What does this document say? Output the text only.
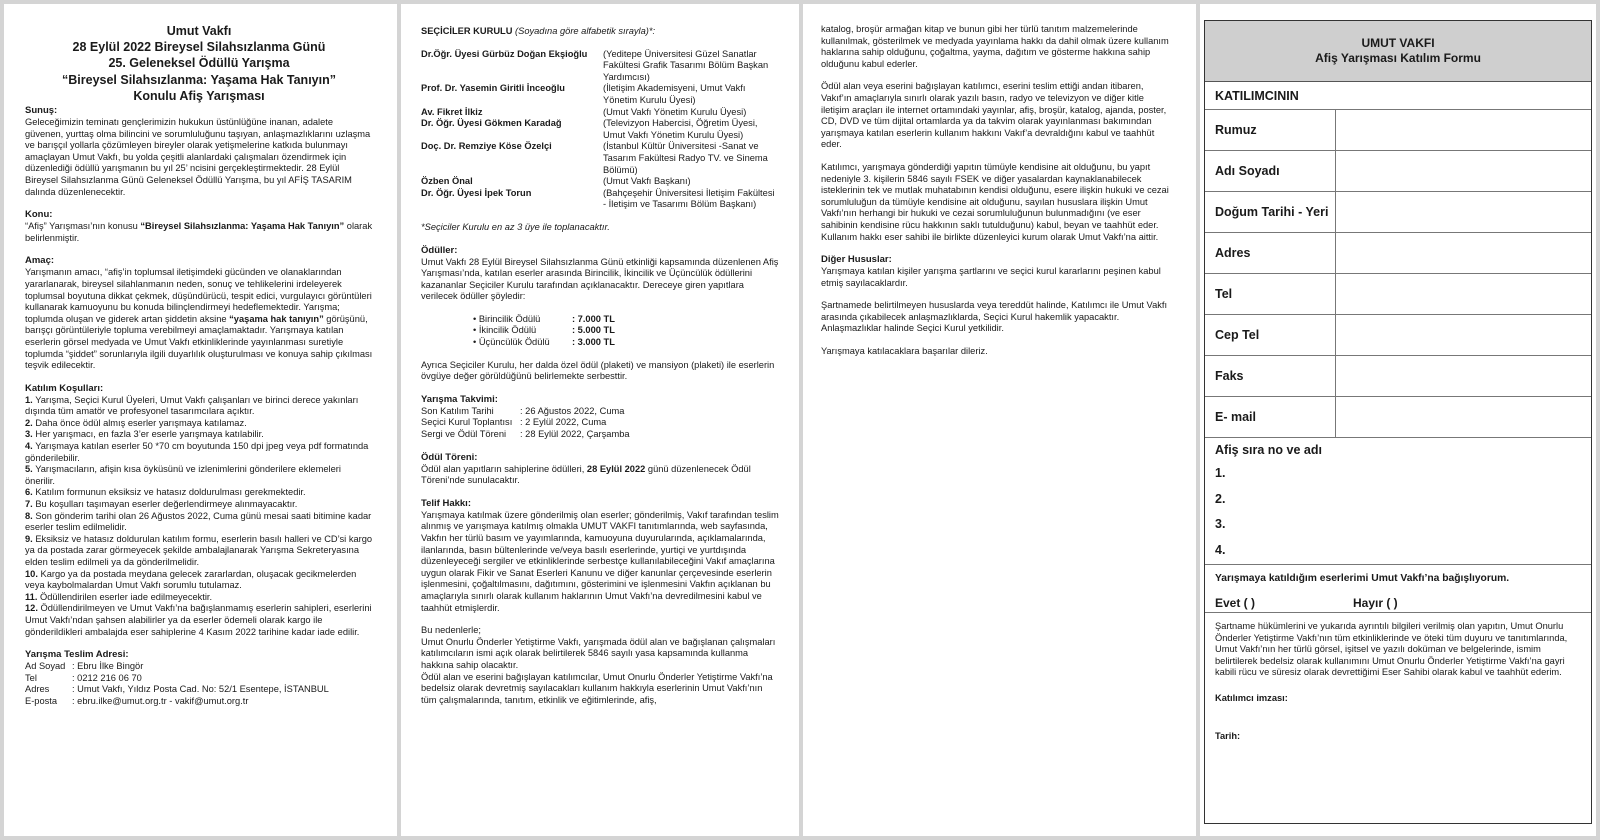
Umut Vakfı

28 Eylül 2022 Bireysel Silahsızlanma Günü

25. Geleneksel Ödüllü Yarışma

“Bireysel Silahsızlanma: Yaşama Hak Tanıyın”

Konulu Afiş Yarışması

Sunuş:

Geleceğimizin teminatı gençlerimizin hukukun üstünlüğüne inanan, adalete güvenen, yurttaş olma bilincini ve sorumluluğunu taşıyan, anlaşmazlıklarını uzlaşma ve barışçıl yollarla çözümleyen bireyler olarak yetişmelerine katkıda bulunmayı amaçlayan Umut Vakfı, bu yolda çeşitli alanlardaki çalışmaları özendirmek için düzenlediği ödüllü yarışmanın bu yıl 25’ ncisini gerçekleştirmektedir. 28 Eylül Bireysel Silahsızlanma Günü Geleneksel Ödüllü Yarışma, bu yıl AFİŞ TASARIM dalında düzenlenecektir.

Konu:

“Afiş” Yarışması’nın konusu “Bireysel Silahsızlanma: Yaşama Hak Tanıyın” olarak belirlenmiştir.

Amaç:

Yarışmanın amacı, “afiş’in toplumsal iletişimdeki gücünden ve olanaklarından yararlanarak, bireysel silahlanmanın neden, sonuç ve tehlikelerini irdeleyerek toplumsal boyutuna dikkat çekmek, düşündürücü, tespit edici, vurgulayıcı görüntüleri kullanarak kamuoyunu bu konuda bilinçlendirmeyi hedeflemektedir. Yarışma; toplumda oluşan ve giderek artan şiddetin aksine “yaşama hak tanıyın” görüşünü, barışçı görüntüleriyle topluma verebilmeyi amaçlamaktadır. Yarışmaya katılan eserlerin görsel medyada ve Umut Vakfı etkinliklerinde yayınlanması suretiyle toplumda “şiddet” sorunlarıyla ilgili duyarlılık oluşturulması ve konuya sahip çıkılması teşvik edilecektir.

Katılım Koşulları:

1. Yarışma, Seçici Kurul Üyeleri, Umut Vakfı çalışanları ve birinci derece yakınları dışında tüm amatör ve profesyonel tasarımcılara açıktır.

2. Daha önce ödül almış eserler yarışmaya katılamaz.

3. Her yarışmacı, en fazla 3’er eserle yarışmaya katılabilir.

4. Yarışmaya katılan eserler 50 *70 cm boyutunda 150 dpi jpeg veya pdf formatında gönderilebilir.

5. Yarışmacıların, afişin kısa öyküsünü ve izlenimlerini gönderilere eklemeleri önerilir.

6. Katılım formunun eksiksiz ve hatasız doldurulması gerekmektedir.

7. Bu koşulları taşımayan eserler değerlendirmeye alınmayacaktır.

8. Son gönderim tarihi olan 26 Ağustos 2022, Cuma günü mesai saati bitimine kadar eserler teslim edilmelidir.

9. Eksiksiz ve hatasız doldurulan katılım formu, eserlerin basılı halleri ve CD’si kargo ya da postada zarar görmeyecek şekilde ambalajlanarak Yarışma Sekreteryasına elden teslim edilmeli ya da gönderilmelidir.

10. Kargo ya da postada meydana gelecek zararlardan, oluşacak gecikmelerden veya kaybolmalardan Umut Vakfı sorumlu tutulamaz.

11. Ödüllendirilen eserler iade edilmeyecektir.

12. Ödüllendirilmeyen ve Umut Vakfı’na bağışlanmamış eserlerin sahipleri, eserlerini Umut Vakfı’ndan şahsen alabilirler ya da eserler ödemeli olarak kargo ile gönderildikleri ambalajda eser sahiplerine 4 Kasım 2022 tarihine kadar iade edilir.

Yarışma Teslim Adresi:

Ad Soyad : Ebru İlke Bingör
Tel	: 0212 216 06 70
Adres	: Umut Vakfı, Yıldız Posta Cad. No: 52/1 Esentepe, İSTANBUL
E-posta	: ebru.ilke@umut.org.tr - vakif@umut.org.tr

SEÇİCİLER KURULU (Soyadına göre alfabetik sırayla)*:

Dr.Öğr. Üyesi Gürbüz Doğan Ekşioğlu	(Yeditepe Üniversitesi Güzel Sanatlar Fakültesi Grafik Tasarımı Bölüm Başkan Yardımcısı)
Prof. Dr. Yasemin Giritli İnceoğlu	(İletişim Akademisyeni, Umut Vakfı Yönetim Kurulu Üyesi)
Av. Fikret İlkiz	(Umut Vakfı Yönetim Kurulu Üyesi)
Dr. Öğr. Üyesi Gökmen Karadağ	(Televizyon Habercisi, Öğretim Üyesi, Umut Vakfı Yönetim Kurulu Üyesi)
Doç. Dr. Remziye Köse Özelçi	(İstanbul Kültür Üniversitesi -Sanat ve Tasarım Fakültesi Radyo TV. ve Sinema Bölümü)
Özben Önal	(Umut Vakfı Başkanı)
Dr. Öğr. Üyesi İpek Torun	(Bahçeşehir Üniversitesi İletişim Fakültesi - İletişim ve Tasarımı Bölüm Başkanı)

*Seçiciler Kurulu en az 3 üye ile toplanacaktır.

Ödüller:

Umut Vakfı 28 Eylül Bireysel Silahsızlanma Günü etkinliği kapsamında düzenlenen Afiş Yarışması’nda, katılan eserler arasında Birincilik, İkincilik ve Üçüncülük ödüllerini kazananlar Seçiciler Kurulu tarafından açıklanacaktır. Dereceye giren yapıtlara verilecek ödüller şöyledir:

• Birincilik Ödülü	: 7.000 TL
• İkincilik Ödülü	: 5.000 TL
• Üçüncülük Ödülü	: 3.000 TL

Ayrıca Seçiciler Kurulu, her dalda özel ödül (plaketi) ve mansiyon (plaketi) ile eserlerin övgüye değer görüldüğünü belirlemekte serbesttir.

Yarışma Takvimi:

Son Katılım Tarihi	: 26 Ağustos 2022, Cuma
Seçici Kurul Toplantısı : 2 Eylül 2022, Cuma
Sergi ve Ödül Töreni	: 28 Eylül 2022, Çarşamba

Ödül Töreni:

Ödül alan yapıtların sahiplerine ödülleri, 28 Eylül 2022 günü düzenlenecek Ödül Töreni’nde sunulacaktır.

Telif Hakkı:

Yarışmaya katılmak üzere gönderilmiş olan eserler; gönderilmiş, Vakıf tarafından teslim alınmış ve yarışmaya katılmış olmakla UMUT VAKFI tanıtımlarında, web sayfasında, Vakfın her türlü basım ve yayımlarında, kamuoyuna duyurularında, açıklamalarında, ilanlarında, basın bültenlerinde ve/veya basılı eserlerinde, yurtiçi ve yurtdışında düzenleyeceği sergiler ve etkinliklerinde serbestçe kullanılabileceğini Vakıf amaçlarına uygun olarak Fikir ve Sanat Eserleri Kanunu ve diğer kanunlar çerçevesinde eserlerin işlenmesini, çoğaltılmasını, dağıtımını, gösterimini ve işlenmesini Vakfın açıklanan bu amaçlarıyla sınırlı olarak kullanım haklarının Umut Vakfı’na devredilmesini kabul ve taahhüt etmişlerdir.

Bu nedenlerle;

Umut Onurlu Önderler Yetiştirme Vakfı, yarışmada ödül alan ve bağışlanan çalışmaları katılımcıların ismi açık olarak belirtilerek 5846 sayılı yasa kapsamında kullanma hakkına sahip olacaktır.

Ödül alan ve eserini bağışlayan katılımcılar, Umut Onurlu Önderler Yetiştirme Vakfı’na bedelsiz olarak devretmiş sayılacakları kullanım hakkıyla eserlerinin Umut Vakfı’nın tüm çalışmalarında, tanıtım, etkinlik ve eğitimlerinde, afiş,

katalog, broşür armağan kitap ve bunun gibi her türlü tanıtım malzemelerinde kullanılmak, gösterilmek ve medyada yayınlama hakkı da dahil olmak üzere kullanım haklarına sahip olduğunu, çoğaltma, yayma, dağıtım ve gösterme hakkına sahip olduğunu kabul ederler.

Ödül alan veya eserini bağışlayan katılımcı, eserini teslim ettiği andan itibaren, Vakıf’ın amaçlarıyla sınırlı olarak yazılı basın, radyo ve televizyon ve diğer kitle iletişim araçları ile internet ortamındaki yayınlar, afiş, broşür, katalog, ajanda, poster, CD, DVD ve tüm dijital ortamlarda ya da takvim olarak yayınlanması bakımından yarışmaya katılan eserlerin kullanım hakkını Vakıf’a devraldığını kabul ve taahhüt eder.

Katılımcı, yarışmaya gönderdiği yapıtın tümüyle kendisine ait olduğunu, bu yapıt nedeniyle 3. kişilerin 5846 sayılı FSEK ve diğer yasalardan kaynaklanabilecek isteklerinin tek ve mutlak muhatabının kendisi olduğunu, esere ilişkin hukuki ve cezai sorumluluğun da tümüyle kendisine ait olduğunu, sayılan hususlara ilişkin Umut Vakfı’nın herhangi bir hukuki ve cezai sorumluluğunun bulunmadığını (ve eser sahibinin kendisine rücu hakkının saklı tutulduğunu) kabul, beyan ve taahhüt eder.

Kullanım hakkı eser sahibi ile birlikte düzenleyici kurum olarak Umut Vakfı’na aittir.

Diğer Hususlar:

Yarışmaya katılan kişiler yarışma şartlarını ve seçici kurul kararlarını peşinen kabul etmiş sayılacaklardır.

Şartnamede belirtilmeyen hususlarda veya tereddüt halinde, Katılımcı ile Umut Vakfı arasında çıkabilecek anlaşmazlıklarda, Seçici Kurul hakemlik yapacaktır. Anlaşmazlıklar halinde Seçici Kurul yetkilidir.

Yarışmaya katılacaklara başarılar dileriz.

UMUT VAKFI
Afiş Yarışması Katılım Formu
KATILIMCININ
Rumuz
Adı Soyadı
Doğum Tarihi - Yeri
Adres
Tel
Cep Tel
Faks
E- mail
Afiş sıra no ve adı
1.
2.
3.
4.
Yarışmaya katıldığım eserlerimi Umut Vakfı’na bağışlıyorum.
Evet ( )	Hayır ( )
Şartname hükümlerini ve yukarıda ayrıntılı bilgileri verilmiş olan yapıtın, Umut Onurlu Önderler Yetiştirme Vakfı’nın tüm etkinliklerinde ve öteki tüm duyuru ve tanıtımlarında, Umut Vakfı’nın her türlü görsel, işitsel ve yazılı doküman ve belgelerinde, ismim belirtilerek bedelsiz olarak kullanımını Umut Onurlu Önderler Yetiştirme Vakfı’na gayri kabili rücu ve süresiz olarak devrettiğimi Eser Sahibi olarak kabul ve taahhüt ederim.
Katılımcı imzası:
Tarih:
